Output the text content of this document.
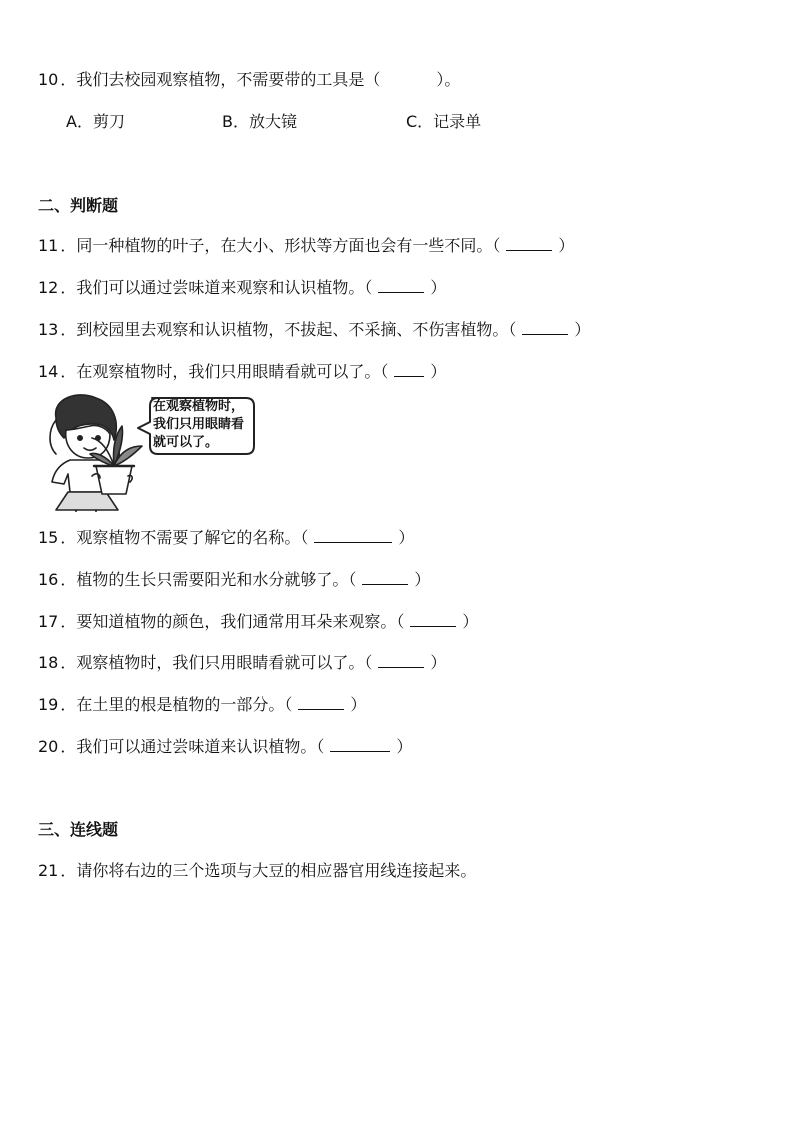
10 ．我们去校园观察植物，不需要带的工具是（	）。
A．剪刀	B．放大镜	C．记录单
二、判断题
11 ．同一种植物的叶子，在大小、形状等方面也会有一些不同。（	）
12 ．我们可以通过尝味道来观察和认识植物。（	）
13 ．到校园里去观察和认识植物，不拔起、不采摘、不伤害植物。（	）
14 ．在观察植物时，我们只用眼睛看就可以了。（	）
在观察植物时，我们只用眼睛看就可以了。
15 ．观察植物不需要了解它的名称。（	）
16 ．植物的生长只需要阳光和水分就够了。（	）
17 ．要知道植物的颜色，我们通常用耳朵来观察。（	）
18 ．观察植物时，我们只用眼睛看就可以了。（	）
19 ．在土里的根是植物的一部分。（	）
20 ．我们可以通过尝味道来认识植物。（	）
三、连线题
21 ．请你将右边的三个选项与大豆的相应器官用线连接起来。
